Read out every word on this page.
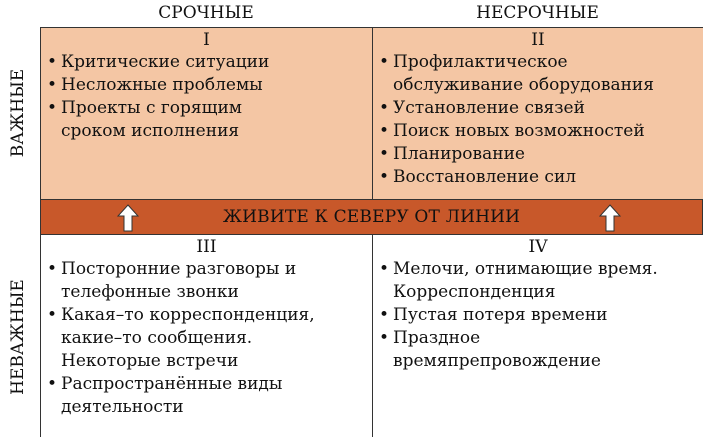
СРОЧНЫЕ	НЕСРОЧНЫЕ
ВАЖНЫЕ
НЕВАЖНЫЕ
I
• Критические ситуации
• Несложные проблемы
• Проекты с горящим
сроком исполнения
II
• Профилактическое
обслуживание оборудования
• Установление связей
• Поиск новых возможностей
• Планирование
• Восстановление сил
III
• Посторонние разговоры и
телефонные звонки
• Какая–то корреспонденция,
какие–то сообщения.
Некоторые встречи
• Распространённые виды
деятельности
IV
• Мелочи, отнимающие время.
Корреспонденция
• Пустая потеря времени
• Праздное
времяпрепровождение
ЖИВИТЕ К СЕВЕРУ ОТ ЛИНИИ
